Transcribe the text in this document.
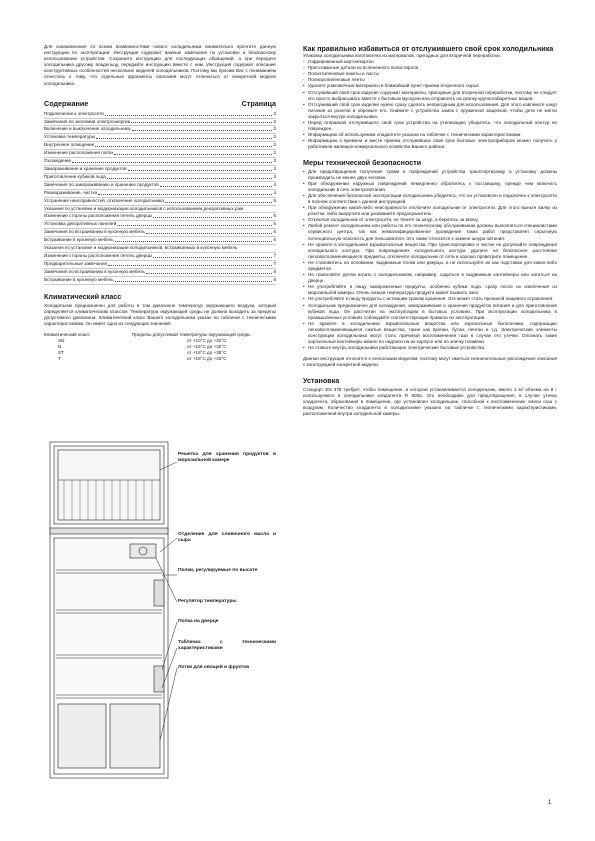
Для ознакомления со всеми возможностями нового холодильника внимательно прочтите данную инструкцию по эксплуатации. Инструкция содержит важные замечания по установке и безопасному использованию устройства. Сохраните инструкцию для последующих обращений, а при передаче холодильника другому владельцу, передайте инструкцию вместе с ним. Инструкция содержит описание конструктивных особенностей нескольких моделей холодильников. Поэтому мы просим Вас с пониманием отнестись к тому, что отдельные фрагменты описания могут отличаться от конкретной модели холодильника.

Содержание	Страница
Подключение к электросети	2
Замечания по экономии электроэнергии	2
Включение и выключение холодильника	2
Установка температуры	2
Внутреннее освещение	2
Изменение расположения полок	2
Охлаждение	3
Замораживание и хранение продуктов	3
Приготовление кубиков льда	3
Замечания по замораживанию и хранению продуктов	4
Размораживание, чистка	4
Устранение неисправностей, отключение холодильника	5
Указания по установке и модернизации холодильников с использованием декоративных рам
Изменение стороны расположения петель дверцы	5
Установка декоративных панелей	6
Замечания по встраиванию в кухонную мебель	6
Встраивание в кухонную мебель	6
Указания по установке и модернизации холодильников, встраиваемых в кухонную мебель
Изменение стороны расположения петель дверцы	7
Предварительные замечания	7
Замечания по встраиванию в кухонную мебель	8
Встраивание в кухонную мебель	8
Климатический класс

Холодильник предназначен для работы в том диапазоне температур окружающего воздуха, который определяется климатическим классом. Температура окружающей среды не должна выходить за пределы допустимого диапазона. Климатический класс Вашего холодильника указан на табличке с техническими характеристиками. Он имеет одно из следующих значений:

Климатический класс	Пределы допустимой температуры окружающей среды
SN	от +10°C до +32°C
N	от +16°C до +32°C
ST	от +18°C до +38°C
T	от +18°C до +43°C
Решетка для хранения продуктов в морозильной камере
Отделение для сливочного масла и сыра
Полки, регулируемые по высоте
Регулятор температуры
Полка на дверце
Табличка с техническими характеристиками
Лотки для овощей и фруктов
Как правильно избавиться от отслужившего свой срок холодильника

Упаковка холодильника изготовлена из материалов, пригодных для вторичной переработки.

- Гофрированный картон/картон
- Прессованные детали из вспененного полистирола
- Полиэтиленовые пакеты и листы
- Полипропиленовые ленты
• Удалите упаковочные материалы в ближайший пункт приема вторичного сырья.
• Отслуживший свой срок изделие содержит материалы, пригодные для вторичной переработки, поэтому не следует его просто выбрасывать вместе с бытовым мусором или отправлять на свалку крупногабаритных вещей.
• Отслуживший свой срок изделие нужно сразу сделать непригодным для использования. Для этого извлеките шнур питания из розетки и обрежьте его. Снимите с устройства замок с пружинной защелкой, чтобы дети не могли закрыться внутри холодильника.
• Перед отправкой отслужившего свой срок устройства на утилизацию убедитесь, что холодильный контур не поврежден.
• Информацию об используемом хладагенте указана на табличке с техническими характеристиками.
• Информацию о времени и месте приема отслуживших свой срок бытовых электроприборов можно получить у работников жилищно-коммунального хозяйства Вашего района.
Меры технической безопасности
• Для предотвращения получения травм и повреждений устройства транспортировку и установку должны производить не менее двух человек.
• При обнаружении наружных повреждений немедленно обратитесь к поставщику, прежде чем включать холодильник в сеть электропитания.
• Для обеспечения безопасной эксплуатации холодильника убедитесь, что он установлен и подключен к электросети в полном соответствии с данной инструкцией.
• При обнаружении какой-либо неисправности отключите холодильник от электросети. Для этого выньте вилку из розетки, либо выкрутите или разомкните предохранитель.
• Отключая холодильник от электросети, не тяните за шнур, а беритесь за вилку.
• Любой ремонт холодильника или работы по его техническому обслуживанию должны выполняться специалистами сервисного центра, так как неквалифицированное проведение таких работ представляет серьезную потенциальную опасность для пользователя. Это также относится к замене шнура питания.
• Не храните в холодильнике взрывоопасные вещества. При транспортировке и чистке не допускайте повреждения холодильного контура. При повреждениях холодильного контура удалите на безопасное расстояние легковоспламеняющиеся предметы, отключите холодильник от сети и хорошо проветрите помещение.
• Не становитесь на основание, выдвижные полки или дверцы, и не используйте их как подставки для каких-либо предметов.
• Не позволяйте детям играть с холодильником, например, садиться в выдвижные контейнеры или кататься на дверце.
• Не употребляйте в пищу замороженные продукты, особенно кубики льда, сразу после их извлечения из морозильной камеры. Очень низкая температура продукта может вызвать ожог.
• Не употребляйте в пищу продукты с истекшим сроком хранения. Это может стать причиной пищевого отравления.
• Холодильник предназначен для охлаждения, замораживания и хранения продуктов питания и для приготовления кубиков льда. Он рассчитан на эксплуатацию в бытовых условиях. При эксплуатации холодильника в промышленных условиях соблюдайте соответствующие правила по эксплуатации.
• Не храните в холодильнике взрывоопасные вещества или аэрозольные баллончики, содержащие легковоспламеняющиеся сжатые вещества, такие как пропан, бутан, пентан и т.д. Электрические элементы конструкции холодильника могут стать причиной воспламенения газа в случае его утечки. Опознать такие аэрозольные контейнеры можно по надписи на их корпусе или по значку пламени.
• Не ставьте внутрь холодильника работающие электрические бытовые устройства.

Данная инструкция относится к нескольким моделям, поэтому могут иметься незначительные расхождения описания с конструкцией конкретной модели.

Установка

Стандарт EN 378 требует, чтобы помещение, в котором устанавливается холодильник, имело 1 м³ объема на 8 г используемого в холодильнике хладагента R 600a. Это необходимо для предотвращения, в случае утечки хладагента, образования в помещении, где установлен холодильник, способной к воспламенению смеси газа с воздухом. Количество хладагента в холодильнике указано на табличке с техническими характеристиками, расположенной внутри холодильной камеры.

1
